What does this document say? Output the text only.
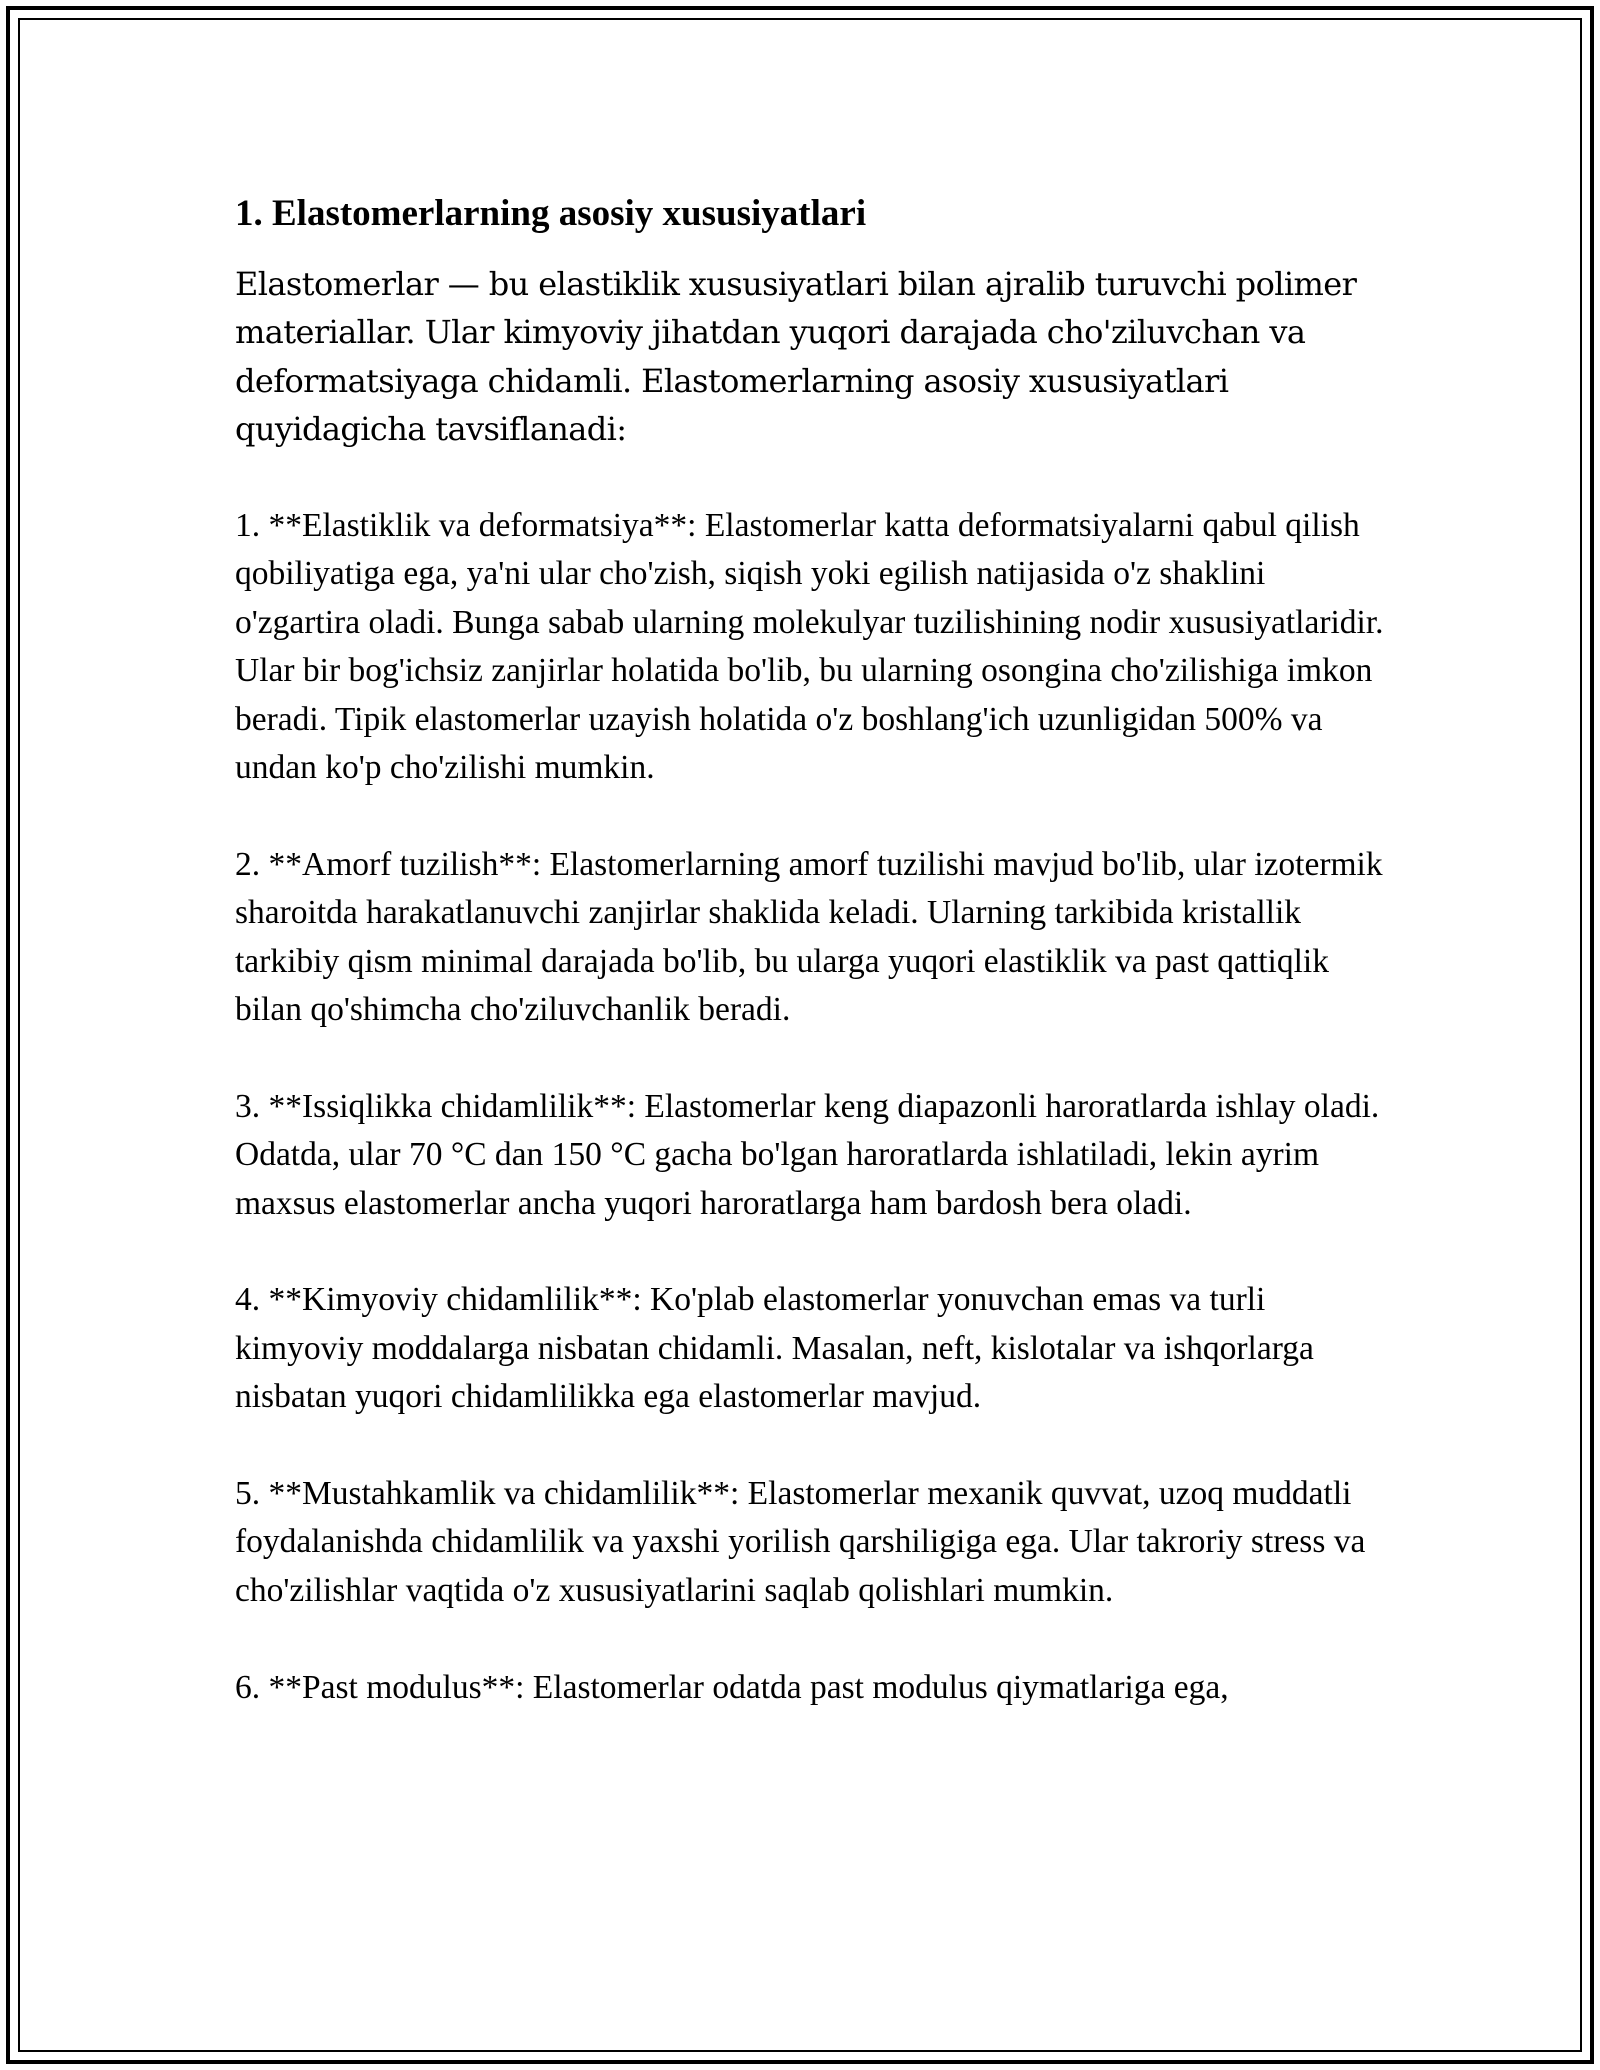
1. Elastomerlarning asosiy xususiyatlari

Elastomerlar — bu elastiklik xususiyatlari bilan ajralib turuvchi polimer materiallar. Ular kimyoviy jihatdan yuqori darajada cho'ziluvchan va deformatsiyaga chidamli. Elastomerlarning asosiy xususiyatlari quyidagicha tavsiflanadi:

1. **Elastiklik va deformatsiya**: Elastomerlar katta deformatsiyalarni qabul qilish qobiliyatiga ega, ya'ni ular cho'zish, siqish yoki egilish natijasida o'z shaklini o'zgartira oladi. Bunga sabab ularning molekulyar tuzilishining nodir xususiyatlaridir. Ular bir bog'ichsiz zanjirlar holatida bo'lib, bu ularning osongina cho'zilishiga imkon beradi. Tipik elastomerlar uzayish holatida o'z boshlang'ich uzunligidan 500% va undan ko'p cho'zilishi mumkin.

2. **Amorf tuzilish**: Elastomerlarning amorf tuzilishi mavjud bo'lib, ular izotermik sharoitda harakatlanuvchi zanjirlar shaklida keladi. Ularning tarkibida kristallik tarkibiy qism minimal darajada bo'lib, bu ularga yuqori elastiklik va past qattiqlik bilan qo'shimcha cho'ziluvchanlik beradi.

3. **Issiqlikka chidamlilik**: Elastomerlar keng diapazonli haroratlarda ishlay oladi. Odatda, ular 70 °C dan 150 °C gacha bo'lgan haroratlarda ishlatiladi, lekin ayrim maxsus elastomerlar ancha yuqori haroratlarga ham bardosh bera oladi.

4. **Kimyoviy chidamlilik**: Ko'plab elastomerlar yonuvchan emas va turli kimyoviy moddalarga nisbatan chidamli. Masalan, neft, kislotalar va ishqorlarga nisbatan yuqori chidamlilikka ega elastomerlar mavjud.

5. **Mustahkamlik va chidamlilik**: Elastomerlar mexanik quvvat, uzoq muddatli foydalanishda chidamlilik va yaxshi yorilish qarshiligiga ega. Ular takroriy stress va cho'zilishlar vaqtida o'z xususiyatlarini saqlab qolishlari mumkin.

6. **Past modulus**: Elastomerlar odatda past modulus qiymatlariga ega,
